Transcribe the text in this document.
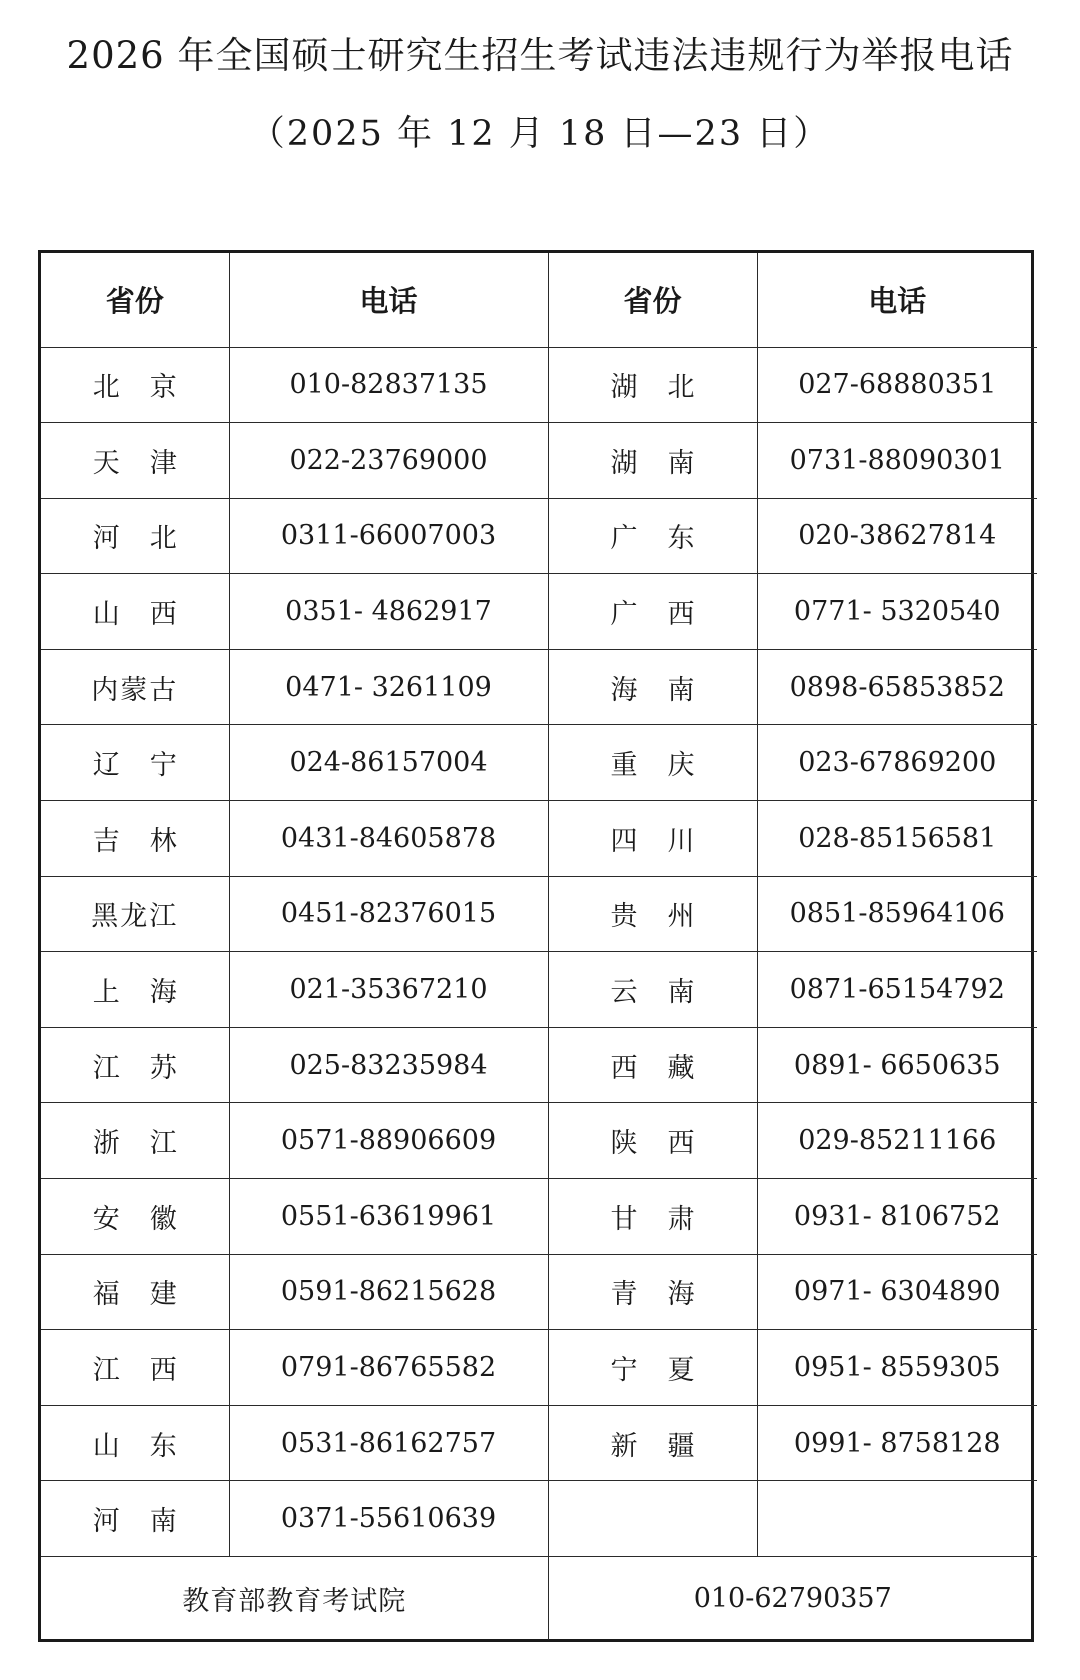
2026 年全国硕士研究生招生考试违法违规行为举报电话
（2025 年 12 月 18 日—23 日）
省份	电话	省份	电话
北京	010-82837135	湖北	027-68880351
天津	022-23769000	湖南	0731-88090301
河北	0311-66007003	广东	020-38627814
山西	0351- 4862917	广西	0771- 5320540
内蒙古	0471- 3261109	海南	0898-65853852
辽宁	024-86157004	重庆	023-67869200
吉林	0431-84605878	四川	028-85156581
黑龙江	0451-82376015	贵州	0851-85964106
上海	021-35367210	云南	0871-65154792
江苏	025-83235984	西藏	0891- 6650635
浙江	0571-88906609	陕西	029-85211166
安徽	0551-63619961	甘肃	0931- 8106752
福建	0591-86215628	青海	0971- 6304890
江西	0791-86765582	宁夏	0951- 8559305
山东	0531-86162757	新疆	0991- 8758128
河南	0371-55610639		
教育部教育考试院		010-62790357	
